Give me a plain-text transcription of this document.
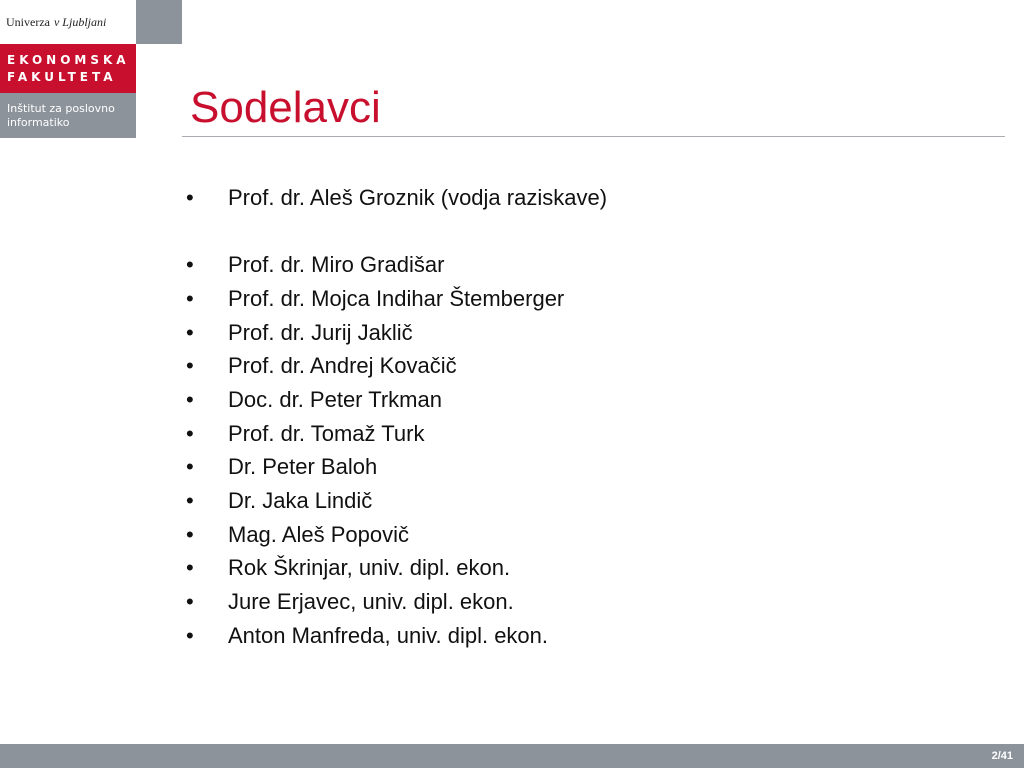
Univerza v Ljubljani
EKONOMSKA
FAKULTETA
Inštitut za poslovno
informatiko	Sodelavci
•	Prof. dr. Aleš Groznik (vodja raziskave)
•	Prof. dr. Miro Gradišar
•	Prof. dr. Mojca Indihar Štemberger
•	Prof. dr. Jurij Jaklič
•	Prof. dr. Andrej Kovačič
•	Doc. dr. Peter Trkman
•	Prof. dr. Tomaž Turk
•	Dr. Peter Baloh
•	Dr. Jaka Lindič
•	Mag. Aleš Popovič
•	Rok Škrinjar, univ. dipl. ekon.
•	Jure Erjavec, univ. dipl. ekon.
•	Anton Manfreda, univ. dipl. ekon.
2/41
